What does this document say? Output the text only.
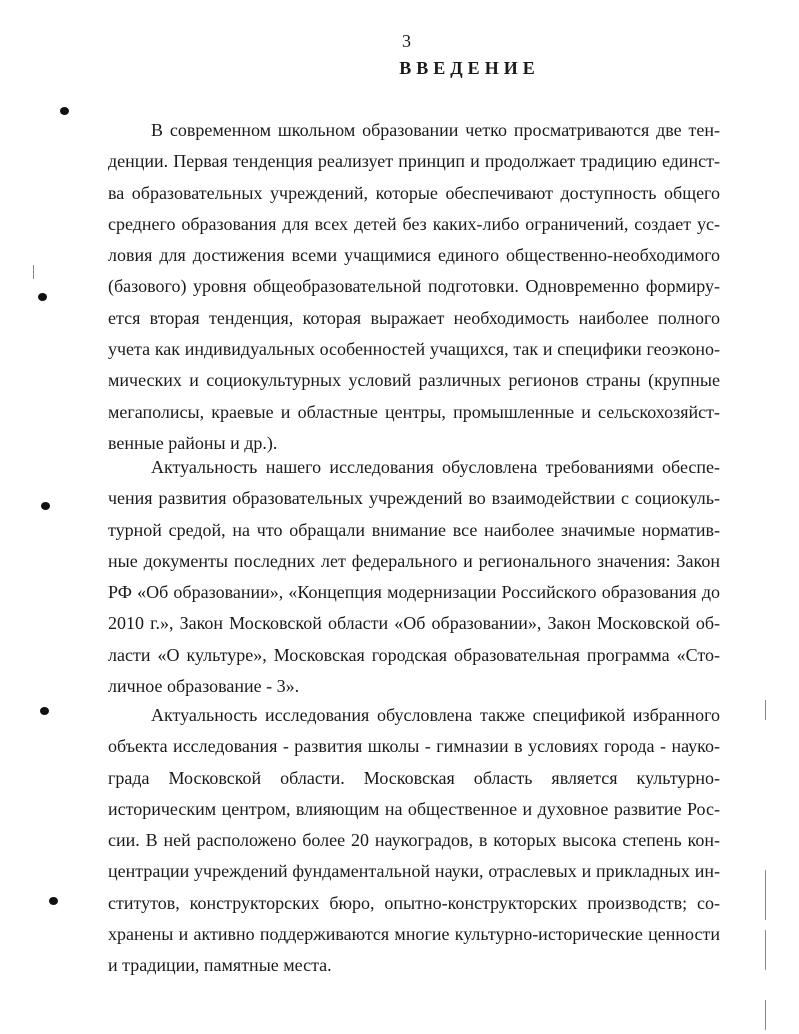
3
ВВЕДЕНИЕ

В современном школьном образовании четко просматриваются две тенденции. Первая тенденция реализует принцип и продолжает традицию единства образовательных учреждений, которые обеспечивают доступность общего среднего образования для всех детей без каких-либо ограничений, создает условия для достижения всеми учащимися единого общественно-необходимого (базового) уровня общеобразовательной подготовки. Одновременно формируется вторая тенденция, которая выражает необходимость наиболее полного учета как индивидуальных особенностей учащихся, так и специфики геоэкономических и социокультурных условий различных регионов страны (крупные мегаполисы, краевые и областные центры, промышленные и сельскохозяйственные районы и др.).

Актуальность нашего исследования обусловлена требованиями обеспечения развития образовательных учреждений во взаимодействии с социокультурной средой, на что обращали внимание все наиболее значимые нормативные документы последних лет федерального и регионального значения: Закон РФ «Об образовании», «Концепция модернизации Российского образования до 2010 г.», Закон Московской области «Об образовании», Закон Московской области «О культуре», Московская городская образовательная программа «Столичное образование - 3».

Актуальность исследования обусловлена также спецификой избранного объекта исследования - развития школы - гимназии в условиях города - наукограда Московской области. Московская область является культурно-историческим центром, влияющим на общественное и духовное развитие России. В ней расположено более 20 наукоградов, в которых высока степень концентрации учреждений фундаментальной науки, отраслевых и прикладных институтов, конструкторских бюро, опытно-конструкторских производств; сохранены и активно поддерживаются многие культурно-исторические ценности и традиции, памятные места.
